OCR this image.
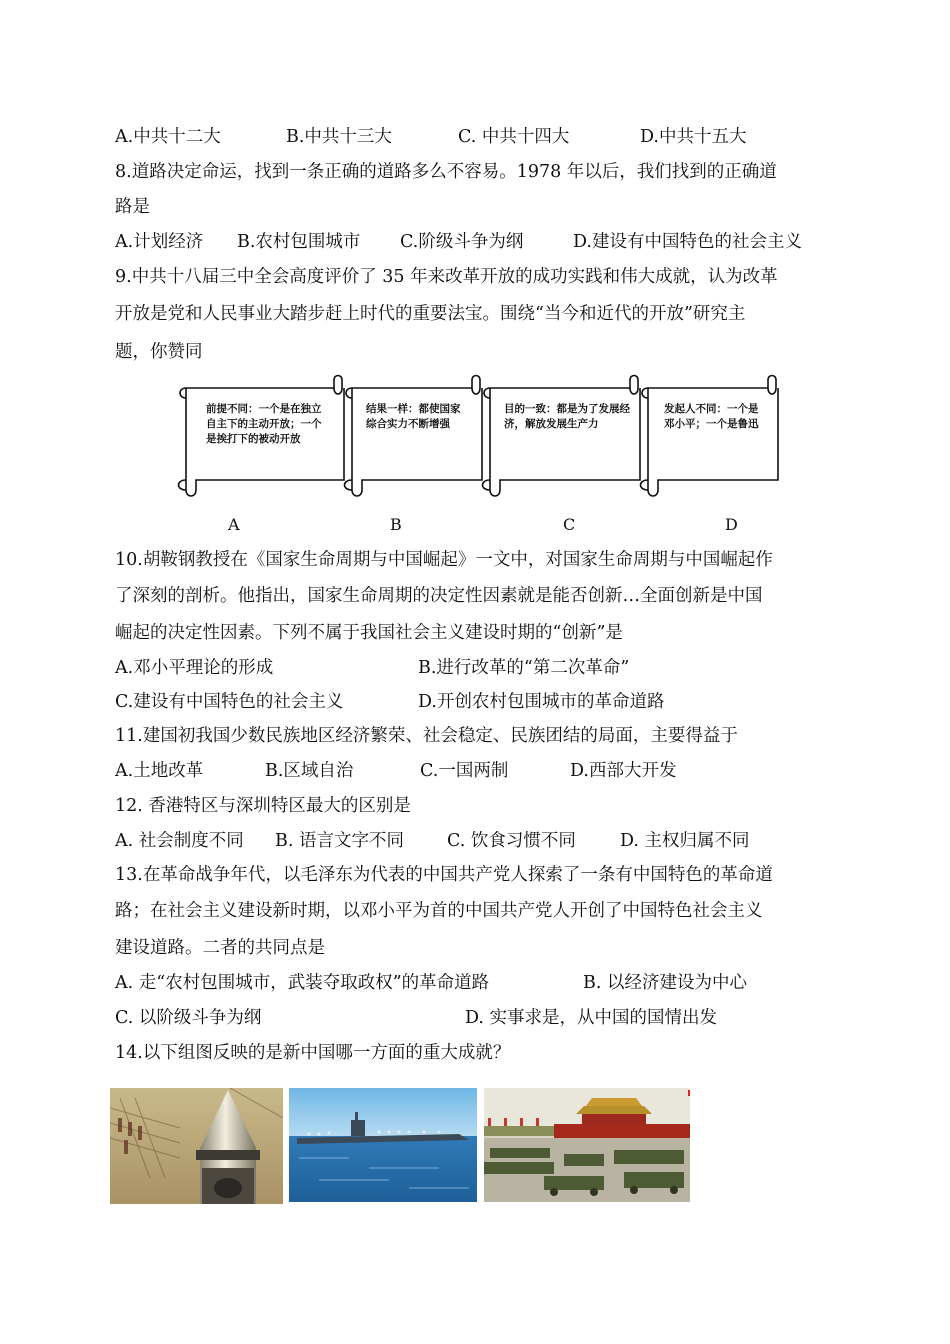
A.中共十二大	B.中共十三大	C. 中共十四大	D.中共十五大
8.道路决定命运，找到一条正确的道路多么不容易。1978 年以后，我们找到的正确道
路是
A.计划经济 B.农村包围城市 C.阶级斗争为纲	D.建设有中国特色的社会主义
9.中共十八届三中全会高度评价了 35 年来改革开放的成功实践和伟大成就，认为改革
开放是党和人民事业大踏步赶上时代的重要法宝。围绕“当今和近代的开放”研究主
题，你赞同
前提不同：一个是在独立自主下的主动开放；一个是挨打下的被动开放
结果一样：都使国家综合实力不断增强
目的一致：都是为了发展经济，解放发展生产力
发起人不同：一个是邓小平；一个是鲁迅
A	B	C	D
10.胡鞍钢教授在《国家生命周期与中国崛起》一文中，对国家生命周期与中国崛起作
了深刻的剖析。他指出，国家生命周期的决定性因素就是能否创新…全面创新是中国
崛起的决定性因素。下列不属于我国社会主义建设时期的“创新”是
A.邓小平理论的形成	B.进行改革的“第二次革命”
C.建设有中国特色的社会主义	D.开创农村包围城市的革命道路
11.建国初我国少数民族地区经济繁荣、社会稳定、民族团结的局面，主要得益于
A.土地改革	B.区域自治	C.一国两制	D.西部大开发
12. 香港特区与深圳特区最大的区别是
A. 社会制度不同 B. 语言文字不同 C. 饮食习惯不同	D. 主权归属不同
13.在革命战争年代，以毛泽东为代表的中国共产党人探索了一条有中国特色的革命道
路；在社会主义建设新时期，以邓小平为首的中国共产党人开创了中国特色社会主义
建设道路。二者的共同点是
A. 走“农村包围城市，武装夺取政权”的革命道路	B. 以经济建设为中心
C. 以阶级斗争为纲	D. 实事求是，从中国的国情出发
14.以下组图反映的是新中国哪一方面的重大成就？
